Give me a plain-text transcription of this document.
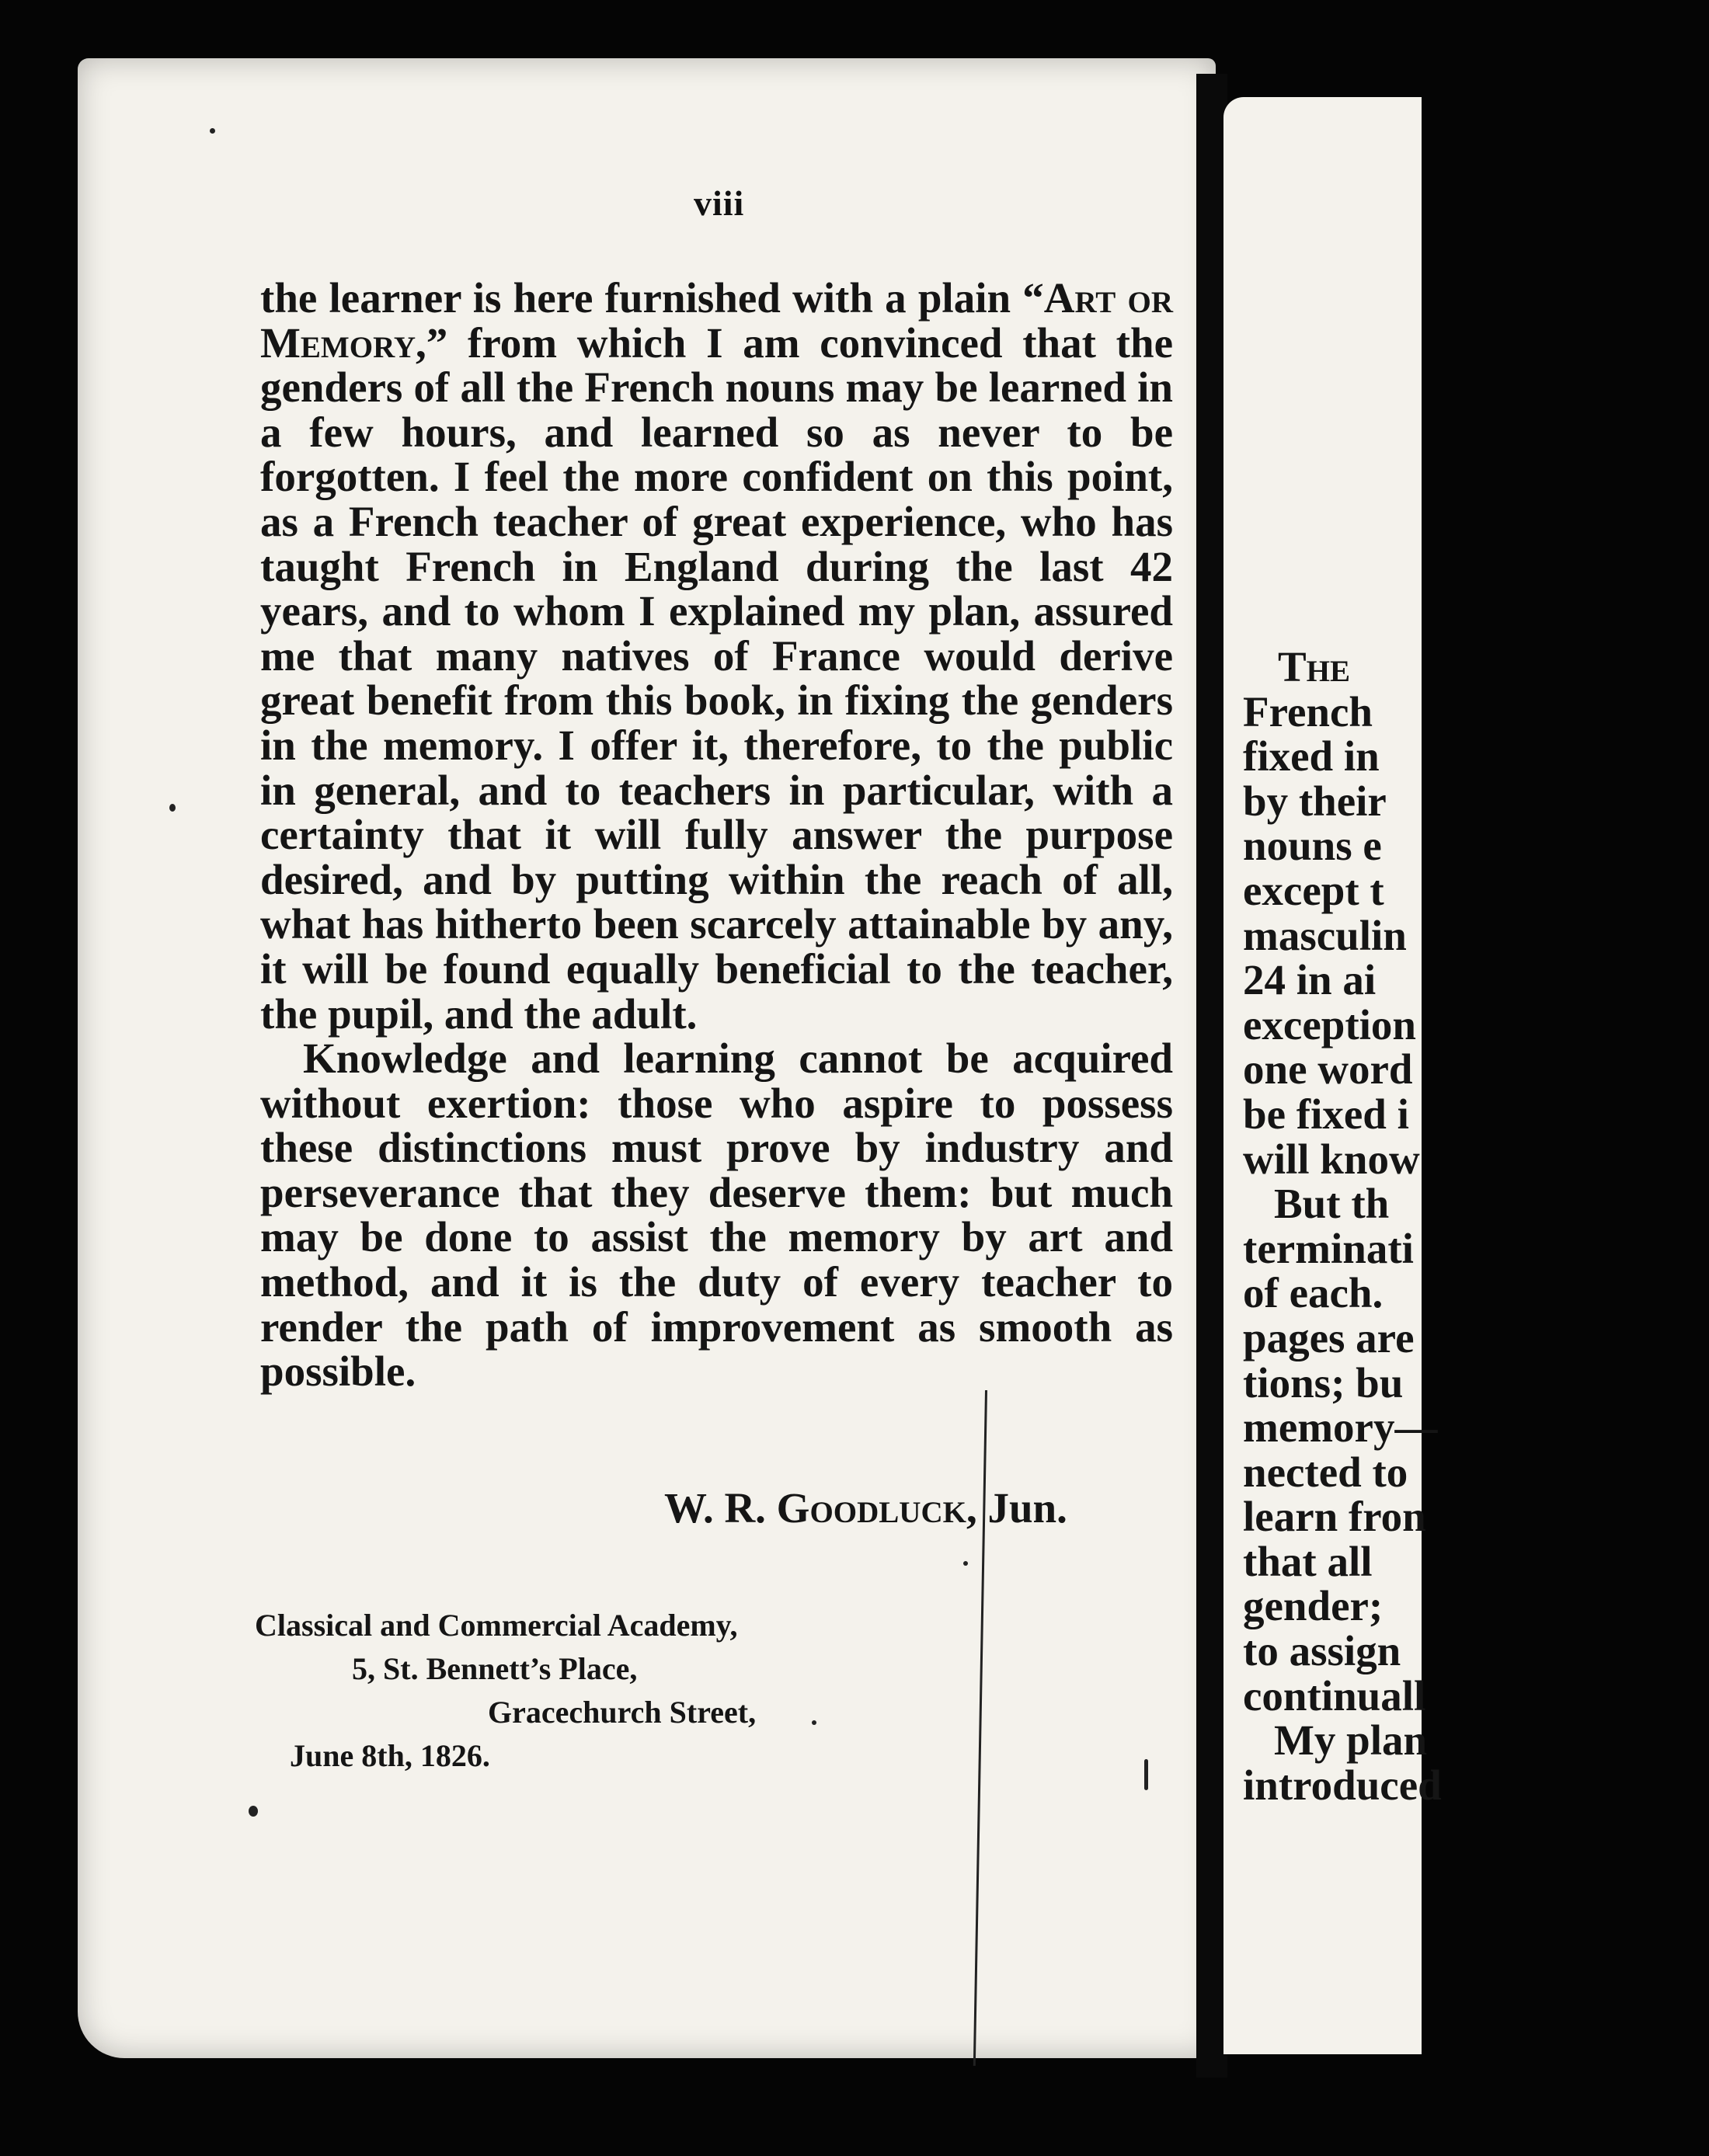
viii

the learner is here furnished with a plain “Art or Memory,” from which I am convinced that the genders of all the French nouns may be learned in a few hours, and learned so as never to be forgotten. I feel the more confident on this point, as a French teacher of great experience, who has taught French in England during the last 42 years, and to whom I explained my plan, assured me that many natives of France would derive great benefit from this book, in fixing the genders in the memory. I offer it, therefore, to the public in general, and to teachers in particular, with a certainty that it will fully answer the purpose desired, and by putting within the reach of all, what has hitherto been scarcely attainable by any, it will be found equally beneficial to the teacher, the pupil, and the adult.

Knowledge and learning cannot be acquired without exertion: those who aspire to possess these distinctions must prove by industry and perseverance that they deserve them: but much may be done to assist the memory by art and method, and it is the duty of every teacher to render the path of improvement as smooth as possible.

W. R. Goodluck, Jun.
Classical and Commercial Academy,
5, St. Bennett’s Place,
Gracechurch Street,
June 8th, 1826.
The
French
fixed in
by their
nouns e
except t
masculin
24 in ai
exception
one word
be fixed i
will know
But th
terminati
of each.
pages are
tions; bu
memory—
nected to
learn fron
that all
gender;
to assign
continuall
My plan
introduced
